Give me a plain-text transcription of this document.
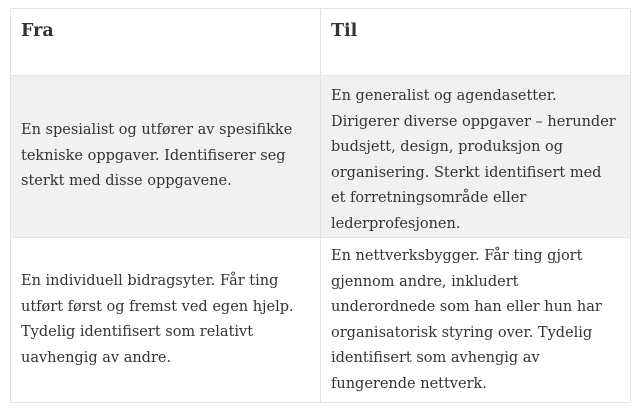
Fra	Til
En spesialist og utfører av spesifikke tekniske oppgaver. Identifiserer seg sterkt med disse oppgavene.
En generalist og agendasetter. Dirigerer diverse oppgaver – herunder budsjett, design, produksjon og organisering. Sterkt identifisert med et forretningsområde eller lederprofesjonen.
En individuell bidragsyter. Får ting utført først og fremst ved egen hjelp. Tydelig identifisert som relativt uavhengig av andre.
En nettverksbygger. Får ting gjort gjennom andre, inkludert underordnede som han eller hun har organisatorisk styring over. Tydelig identifisert som avhengig av fungerende nettverk.
